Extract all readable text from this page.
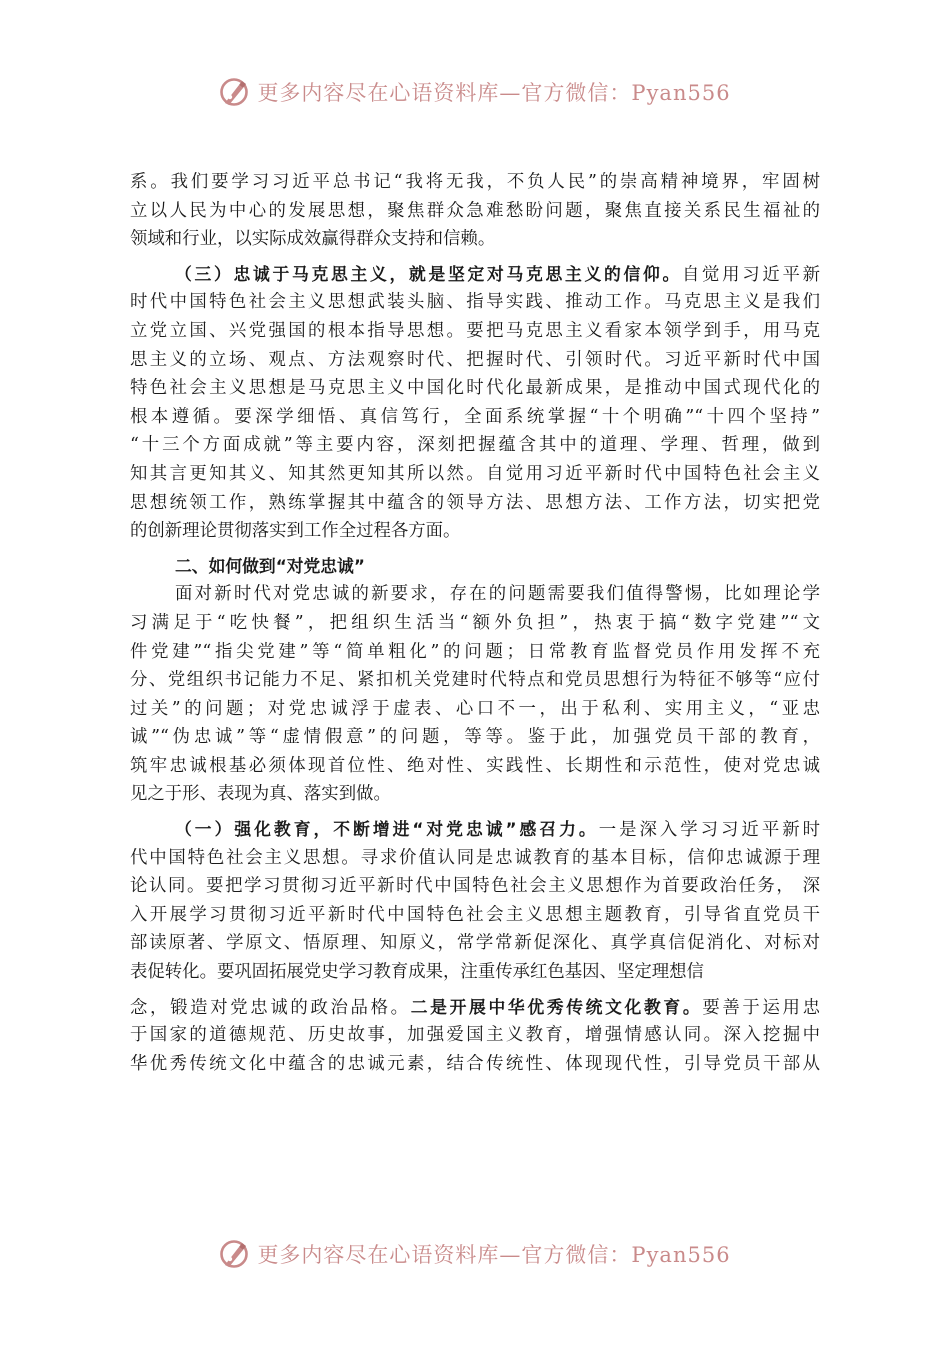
更多内容尽在心语资料库—官方微信：Pyan556
系。我们要学习习近平总书记“我将无我，不负人民”的崇高精神境界，牢固树
立以人民为中心的发展思想，聚焦群众急难愁盼问题，聚焦直接关系民生福祉的
领域和行业，以实际成效赢得群众支持和信赖。
（三）忠诚于马克思主义，就是坚定对马克思主义的信仰。自觉用习近平新
时代中国特色社会主义思想武装头脑、指导实践、推动工作。马克思主义是我们
立党立国、兴党强国的根本指导思想。要把马克思主义看家本领学到手，用马克
思主义的立场、观点、方法观察时代、把握时代、引领时代。习近平新时代中国
特色社会主义思想是马克思主义中国化时代化最新成果，是推动中国式现代化的
根本遵循。要深学细悟、真信笃行，全面系统掌握“十个明确”“十四个坚持”
“十三个方面成就”等主要内容，深刻把握蕴含其中的道理、学理、哲理，做到
知其言更知其义、知其然更知其所以然。自觉用习近平新时代中国特色社会主义
思想统领工作，熟练掌握其中蕴含的领导方法、思想方法、工作方法，切实把党
的创新理论贯彻落实到工作全过程各方面。
二、如何做到“对党忠诚”
面对新时代对党忠诚的新要求，存在的问题需要我们值得警惕，比如理论学
习满足于“吃快餐”，把组织生活当“额外负担”，热衷于搞“数字党建”“文
件党建”“指尖党建”等“简单粗化”的问题；日常教育监督党员作用发挥不充
分、党组织书记能力不足、紧扣机关党建时代特点和党员思想行为特征不够等“应付
过关”的问题；对党忠诚浮于虚表、心口不一，出于私利、实用主义，“亚忠
诚”“伪忠诚”等“虚情假意”的问题，等等。鉴于此，加强党员干部的教育，
筑牢忠诚根基必须体现首位性、绝对性、实践性、长期性和示范性，使对党忠诚
见之于形、表现为真、落实到做。
（一）强化教育，不断增进“对党忠诚”感召力。一是深入学习习近平新时
代中国特色社会主义思想。寻求价值认同是忠诚教育的基本目标，信仰忠诚源于理
论认同。要把学习贯彻习近平新时代中国特色社会主义思想作为首要政治任务， 深
入开展学习贯彻习近平新时代中国特色社会主义思想主题教育，引导省直党员干
部读原著、学原文、悟原理、知原义，常学常新促深化、真学真信促消化、对标对
表促转化。要巩固拓展党史学习教育成果，注重传承红色基因、坚定理想信
念，锻造对党忠诚的政治品格。二是开展中华优秀传统文化教育。要善于运用忠
于国家的道德规范、历史故事，加强爱国主义教育，增强情感认同。深入挖掘中
华优秀传统文化中蕴含的忠诚元素，结合传统性、体现现代性，引导党员干部从
更多内容尽在心语资料库—官方微信：Pyan556
